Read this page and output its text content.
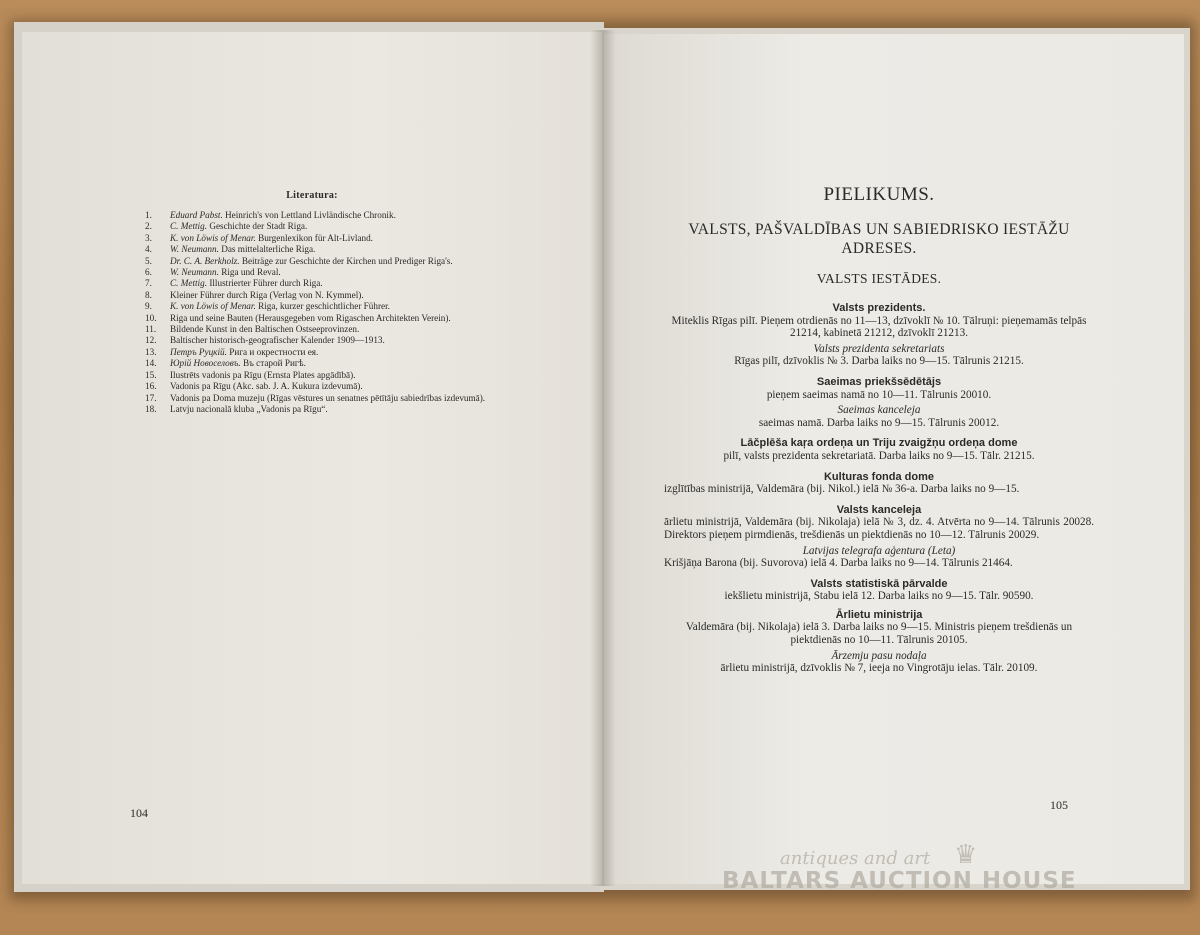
Literatura:
1. Eduard Pabst. Heinrich's von Lettland Livländische Chronik.
2. C. Mettig. Geschichte der Stadt Riga.
3. K. von Löwis of Menar. Burgenlexikon für Alt-Livland.
4. W. Neumann. Das mittelalterliche Riga.
5. Dr. C. A. Berkholz. Beiträge zur Geschichte der Kirchen und Prediger Riga's.
6. W. Neumann. Riga und Reval.
7. C. Mettig. Illustrierter Führer durch Riga.
8. Kleiner Führer durch Riga (Verlag von N. Kymmel).
9. K. von Löwis of Menar. Riga, kurzer geschichtlicher Führer.
10. Riga und seine Bauten (Herausgegeben vom Rigaschen Architekten Verein).
11. Bildende Kunst in den Baltischen Ostseeprovinzen.
12. Baltischer historisch-geografischer Kalender 1909—1913.
13. Петръ Руцкій. Рига и окрестности ея.
14. Юрій Новоселовъ. Въ старой Ригѣ.
15. Ilustrēts vadonis pa Rīgu (Ernsta Plates apgādībā).
16. Vadonis pa Rīgu (Akc. sab. J. A. Kukura izdevumā).
17. Vadonis pa Doma muzeju (Rīgas vēstures un senatnes pētītāju sabiedrības izdevumā).
18. Latvju nacionalā kluba „Vadonis pa Rīgu“.
104
PIELIKUMS.
VALSTS, PAŠVALDĪBAS UN SABIEDRISKO IESTĀŽU ADRESES.
VALSTS IESTĀDES.
Valsts prezidents.
Miteklis Rīgas pilī. Pieņem otrdienās no 11—13, dzīvoklī № 10. Tālruņi: pieņemamās telpās 21214, kabinetā 21212, dzīvoklī 21213.
Valsts prezidenta sekretariats
Rīgas pilī, dzīvoklis № 3. Darba laiks no 9—15. Tālrunis 21215.
Saeimas priekšsēdētājs
pieņem saeimas namā no 10—11. Tālrunis 20010.
Saeimas kanceleja
saeimas namā. Darba laiks no 9—15. Tālrunis 20012.
Lāčplēša kaŗa ordeņa un Triju zvaigžņu ordeņa dome
pilī, valsts prezidenta sekretariatā. Darba laiks no 9—15. Tālr. 21215.
Kulturas fonda dome
izglītības ministrijā, Valdemāra (bij. Nikol.) ielā № 36-a. Darba laiks no 9—15.
Valsts kanceleja
ārlietu ministrijā, Valdemāra (bij. Nikolaja) ielā № 3, dz. 4. Atvērta no 9—14. Tālrunis 20028. Direktors pieņem pirmdienās, trešdienās un piektdienās no 10—12. Tālrunis 20029.
Latvijas telegrafa aģentura (Leta)
Krišjāņa Barona (bij. Suvorova) ielā 4. Darba laiks no 9—14. Tālrunis 21464.
Valsts statistiskā pārvalde
iekšlietu ministrijā, Stabu ielā 12. Darba laiks no 9—15. Tālr. 90590.
Ārlietu ministrija
Valdemāra (bij. Nikolaja) ielā 3. Darba laiks no 9—15. Ministris pieņem trešdienās un piektdienās no 10—11. Tālrunis 20105.
Ārzemju pasu nodaļa
ārlietu ministrijā, dzīvoklis № 7, ieeja no Vingrotāju ielas. Tālr. 20109.
105
antiques and art ♛
BALTARS AUCTION HOUSE
